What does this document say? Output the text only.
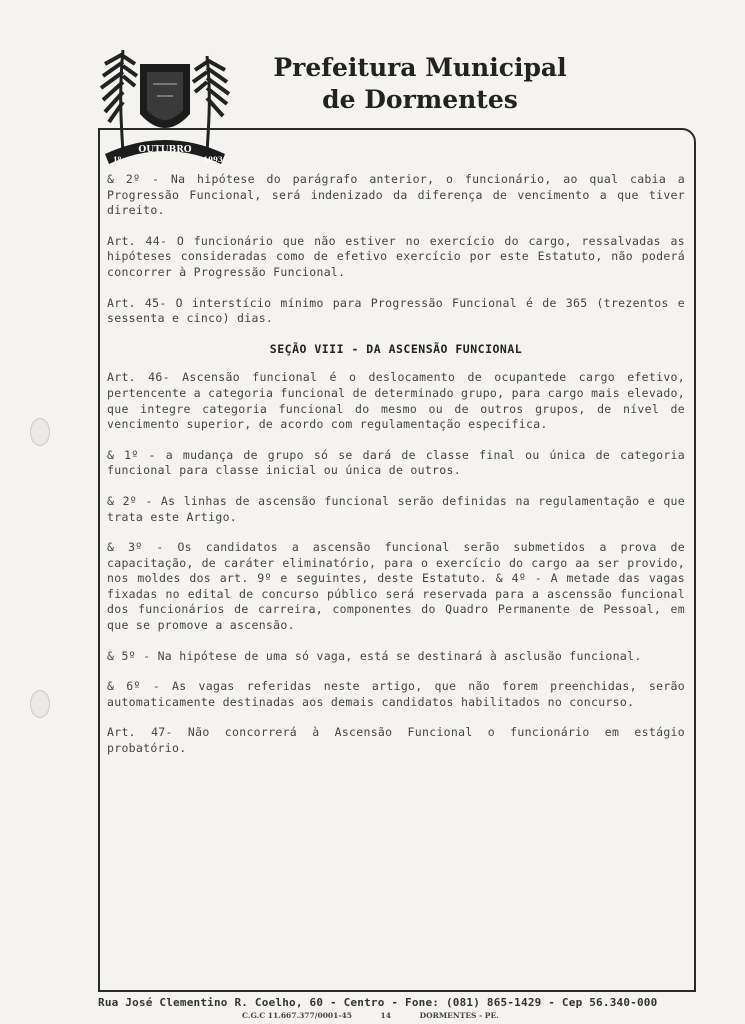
OUTUBRO
1º	1993
Prefeitura Municipal
de Dormentes

& 2º - Na hipótese do parágrafo anterior, o funcionário, ao qual cabia a Progressão Funcional, será indenizado da diferença de vencimento a que tiver direito.

Art. 44- O funcionário que não estiver no exercício do cargo, ressalvadas as hipóteses consideradas como de efetivo exercício por este Estatuto, não poderá concorrer à Progressão Funcional.

Art. 45- O interstício mínimo para Progressão Funcional é de 365 (trezentos e sessenta e cinco) dias.

SEÇÃO VIII - DA ASCENSÃO FUNCIONAL

Art. 46- Ascensão funcional é o deslocamento de ocupantede cargo efetivo, pertencente a categoria funcional de determinado grupo, para cargo mais elevado, que integre categoria funcional do mesmo ou de outros grupos, de nível de vencimento superior, de acordo com regulamentação especifica.

& 1º - a mudança de grupo só se dará de classe final ou única de categoria funcional para classe inicial ou única de outros.

& 2º - As linhas de ascensão funcional serão definidas na regulamentação e que trata este Artigo.

& 3º - Os candidatos a ascensão funcional serão submetidos a prova de capacitação, de caráter eliminatório, para o exercício do cargo aa ser provido, nos moldes dos art. 9º e seguintes, deste Estatuto. & 4º - A metade das vagas fixadas no edital de concurso público será reservada para a ascenssão funcional dos funcionários de carreira, componentes do Quadro Permanente de Pessoal, em que se promove a ascensão.

& 5º - Na hipótese de uma só vaga, está se destinará à asclusão funcional.

& 6º - As vagas referidas neste artigo, que não forem preenchidas, serão automaticamente destinadas aos demais candidatos habilitados no concurso.

Art. 47- Não concorrerá à Ascensão Funcional o funcionário em estágio probatório.

Rua José Clementino R. Coelho, 60 - Centro - Fone: (081) 865-1429 - Cep 56.340-000
C.G.C 11.667.377/0001-45	14	DORMENTES - PE.
